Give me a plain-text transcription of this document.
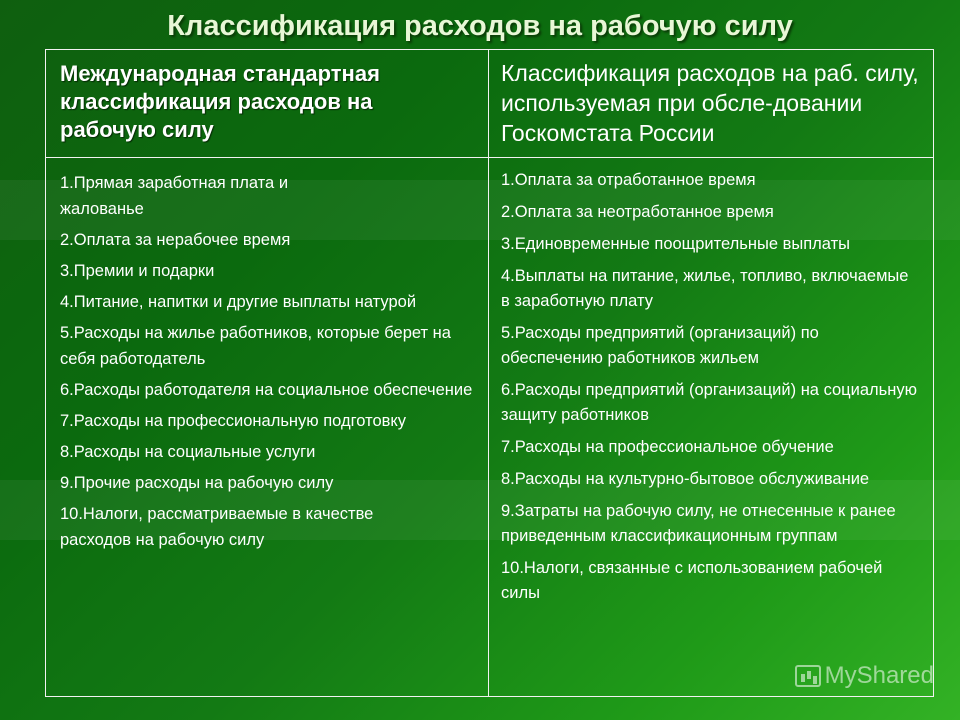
Классификация расходов на рабочую силу
Международная стандартная классификация расходов на рабочую силу
Классификация расходов на раб. силу, используемая при обсле-довании Госкомстата России

1.Прямая заработная плата и

жалованье

2.Оплата за нерабочее время

3.Премии и подарки

4.Питание, напитки и другие выплаты натурой

5.Расходы на жилье работников, которые берет на себя работодатель

6.Расходы работодателя на социальное обеспечение

7.Расходы на профессиональную подготовку

8.Расходы на социальные услуги

9.Прочие расходы на рабочую силу

10.Налоги, рассматриваемые в качестве

расходов на рабочую силу

1.Оплата за отработанное время

2.Оплата за неотработанное время

3.Единовременные поощрительные выплаты

4.Выплаты на питание, жилье, топливо, включаемые в заработную плату

5.Расходы предприятий (организаций) по обеспечению работников жильем

6.Расходы предприятий (организаций) на социальную защиту работников

7.Расходы на профессиональное обучение

8.Расходы на культурно-бытовое обслуживание

9.Затраты на рабочую силу, не отнесенные к ранее приведенным классификационным группам

10.Налоги, связанные с использованием рабочей силы

MyShared
